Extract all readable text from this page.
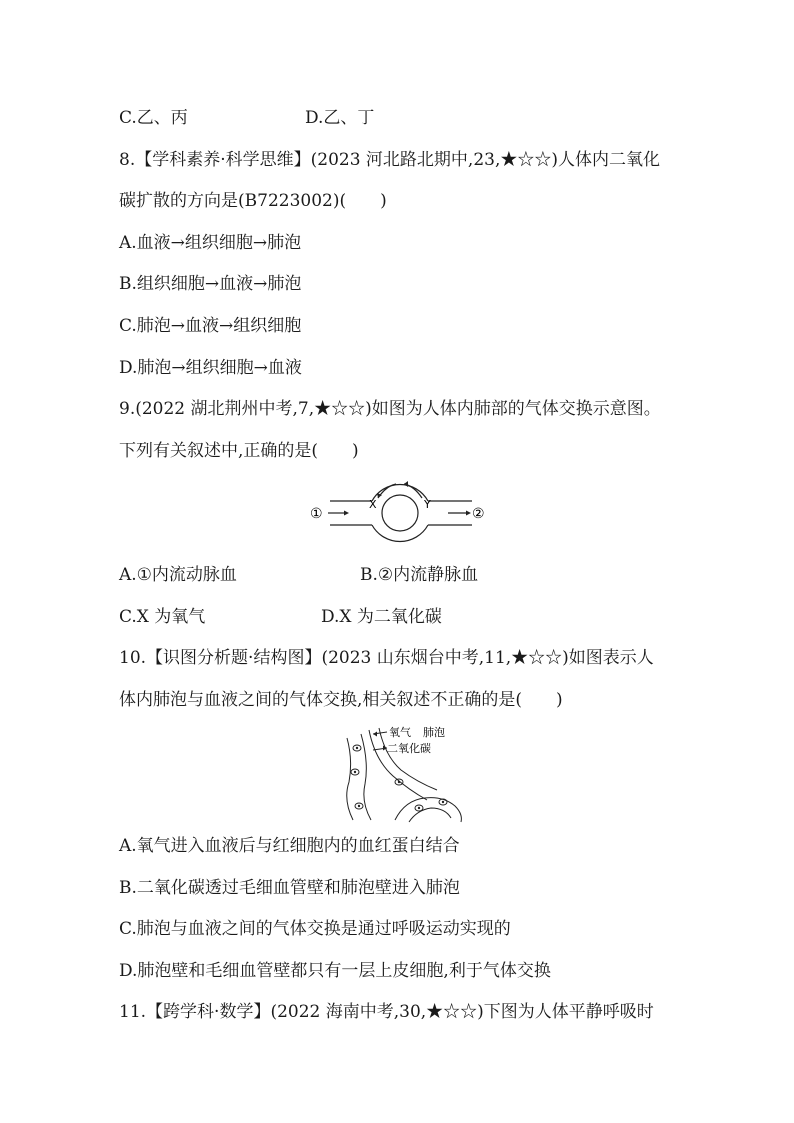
C.乙、丙	D.乙、丁
8.【学科素养·科学思维】(2023 河北路北期中,23,★☆☆)人体内二氧化
碳扩散的方向是(B7223002)(　　)
A.血液→组织细胞→肺泡
B.组织细胞→血液→肺泡
C.肺泡→血液→组织细胞
D.肺泡→组织细胞→血液
9.(2022 湖北荆州中考,7,★☆☆)如图为人体内肺部的气体交换示意图。
下列有关叙述中,正确的是(　　)
①	②
X	Y
A.①内流动脉血	B.②内流静脉血
C.X 为氧气	D.X 为二氧化碳
10.【识图分析题·结构图】(2023 山东烟台中考,11,★☆☆)如图表示人
体内肺泡与血液之间的气体交换,相关叙述不正确的是(　　)
氧气 肺泡
二氧化碳
A.氧气进入血液后与红细胞内的血红蛋白结合
B.二氧化碳透过毛细血管壁和肺泡壁进入肺泡
C.肺泡与血液之间的气体交换是通过呼吸运动实现的
D.肺泡壁和毛细血管壁都只有一层上皮细胞,利于气体交换
11.【跨学科·数学】(2022 海南中考,30,★☆☆)下图为人体平静呼吸时
